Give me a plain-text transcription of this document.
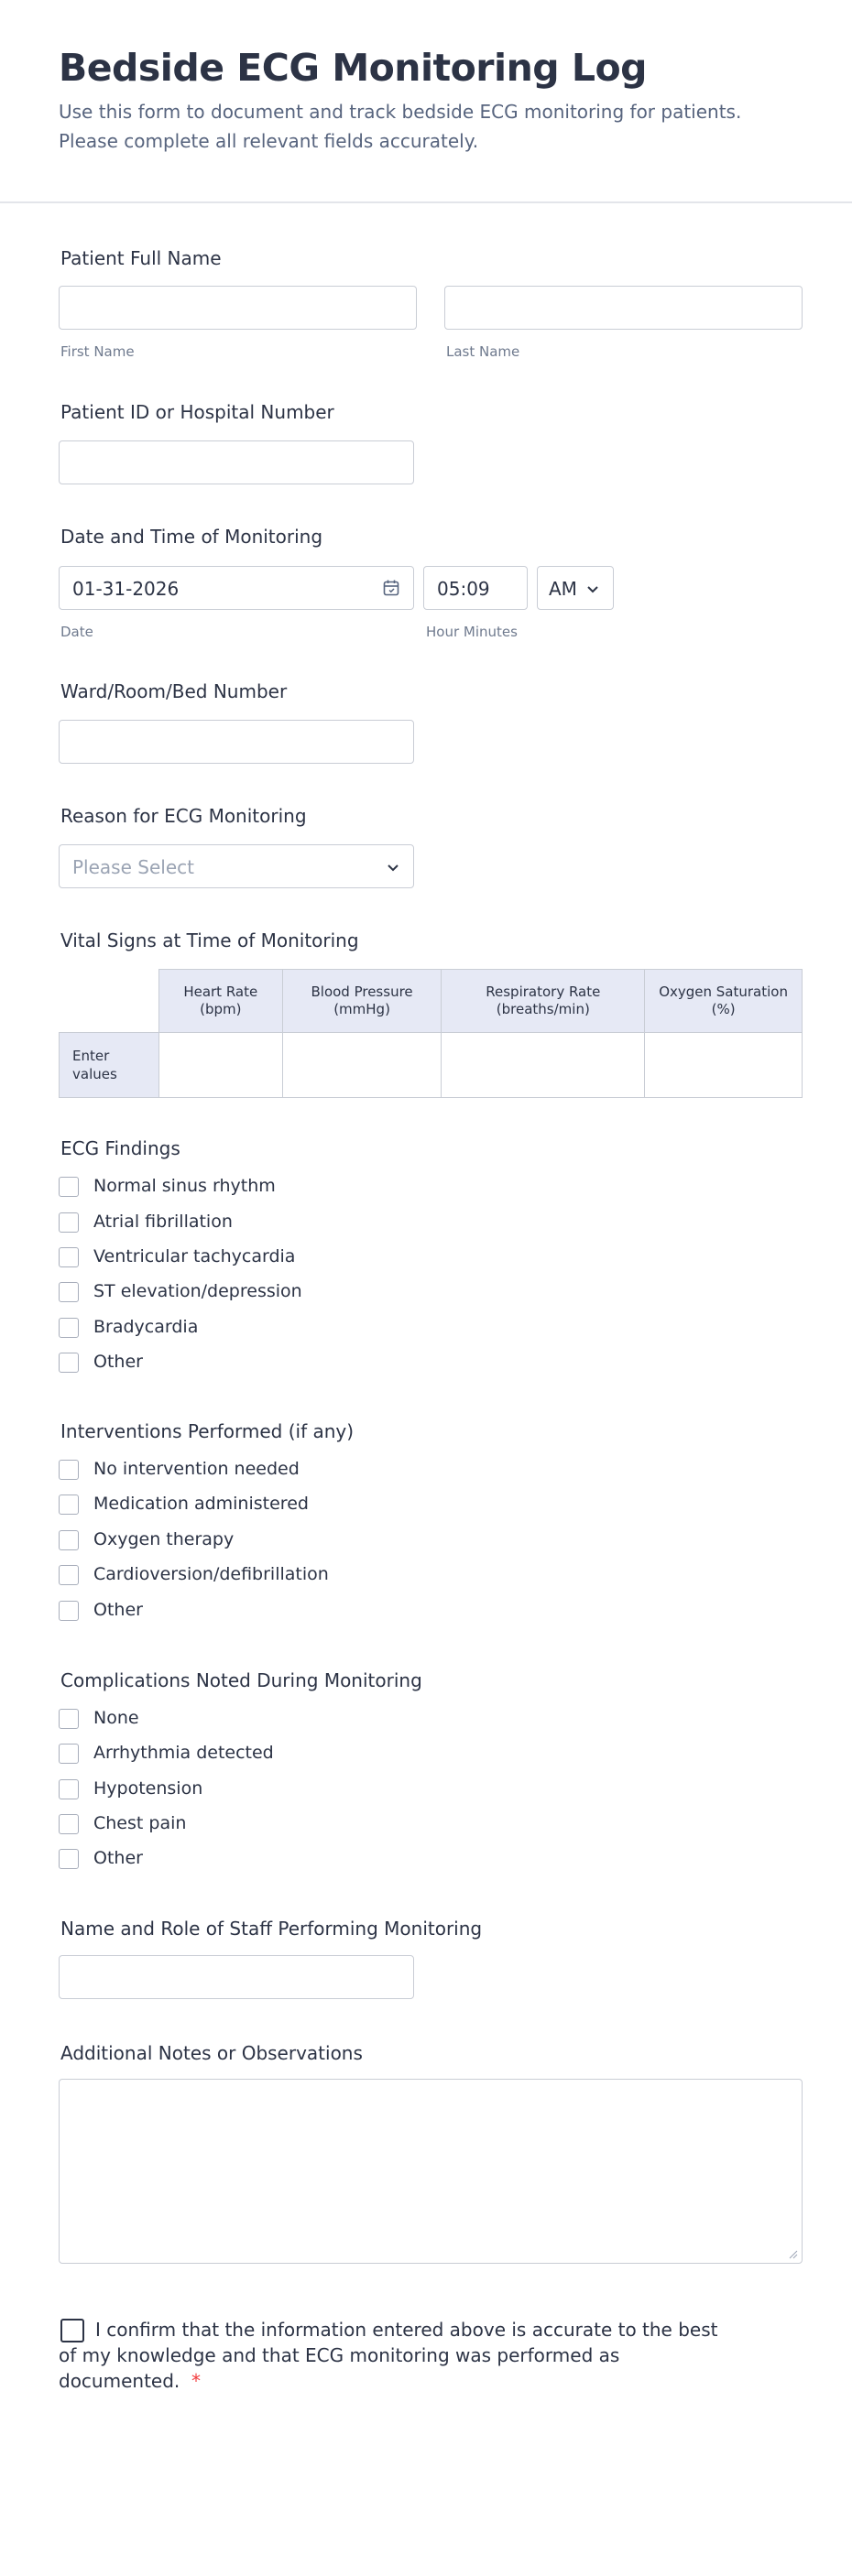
Bedside ECG Monitoring Log
Use this form to document and track bedside ECG monitoring for patients. Please complete all relevant fields accurately.
Patient Full Name
First Name	Last Name
Patient ID or Hospital Number
Date and Time of Monitoring
01-31-2026
Date
05:09
Hour Minutes
AM
Ward/Room/Bed Number
Reason for ECG Monitoring
Please Select
Vital Signs at Time of Monitoring
	Heart Rate (bpm)	Blood Pressure (mmHg)	Respiratory Rate (breaths/min)	Oxygen Saturation (%)
Enter values				
ECG Findings
Normal sinus rhythm
Atrial fibrillation
Ventricular tachycardia
ST elevation/depression
Bradycardia
Other
Interventions Performed (if any)
No intervention needed
Medication administered
Oxygen therapy
Cardioversion/defibrillation
Other
Complications Noted During Monitoring
None
Arrhythmia detected
Hypotension
Chest pain
Other
Name and Role of Staff Performing Monitoring
Additional Notes or Observations
I confirm that the information entered above is accurate to the best of my knowledge and that ECG monitoring was performed as documented. *
